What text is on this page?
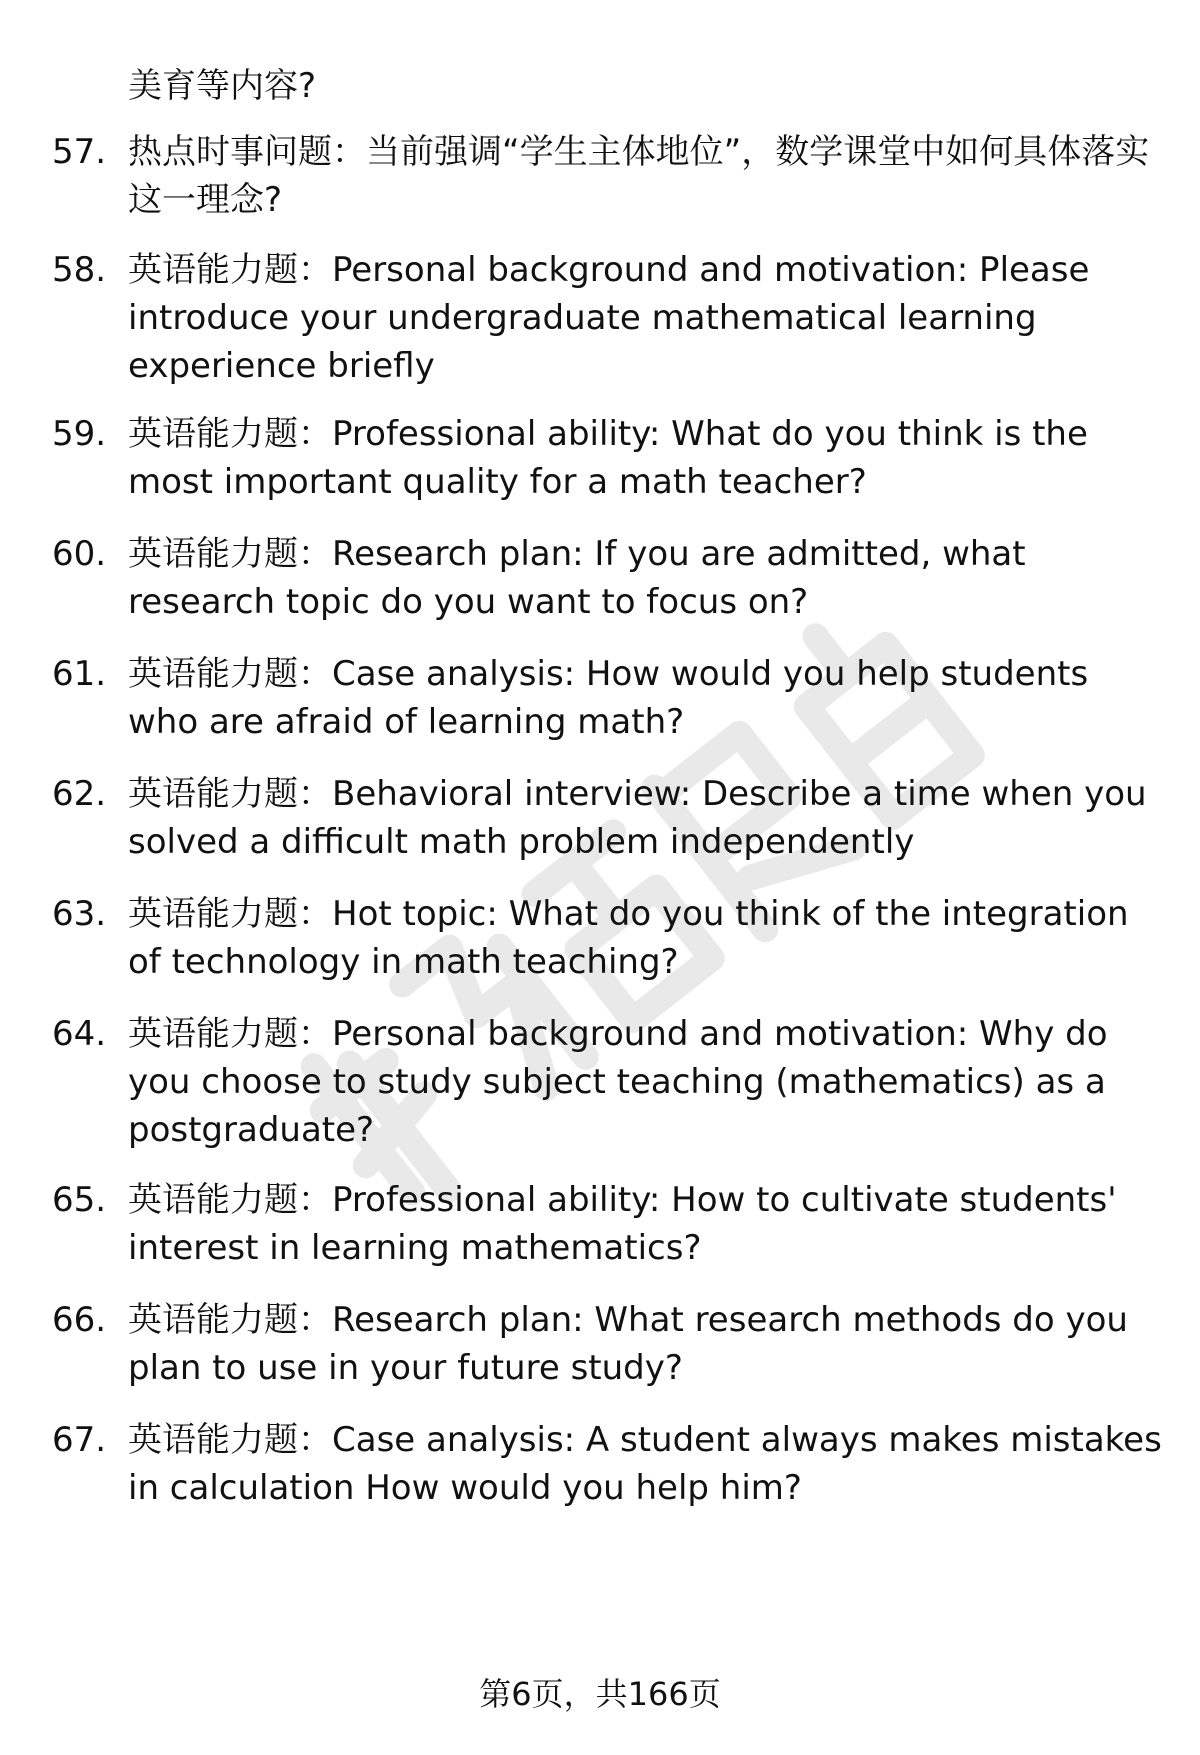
美育等内容?
57. 热点时事问题：当前强调“学生主体地位”，数学课堂中如何具体落实这一理念?
58. 英语能力题：Personal background and motivation: Please introduce your undergraduate mathematical learning experience briefly
59. 英语能力题：Professional ability: What do you think is the most important quality for a math teacher?
60. 英语能力题：Research plan: If you are admitted, what research topic do you want to focus on?
61. 英语能力题：Case analysis: How would you help students who are afraid of learning math?
62. 英语能力题：Behavioral interview: Describe a time when you solved a difficult math problem independently
63. 英语能力题：Hot topic: What do you think of the integration of technology in math teaching?
64. 英语能力题：Personal background and motivation: Why do you choose to study subject teaching (mathematics) as a postgraduate?
65. 英语能力题：Professional ability: How to cultivate students' interest in learning mathematics?
66. 英语能力题：Research plan: What research methods do you plan to use in your future study?
67. 英语能力题：Case analysis: A student always makes mistakes in calculation How would you help him?
第6页，共166页
